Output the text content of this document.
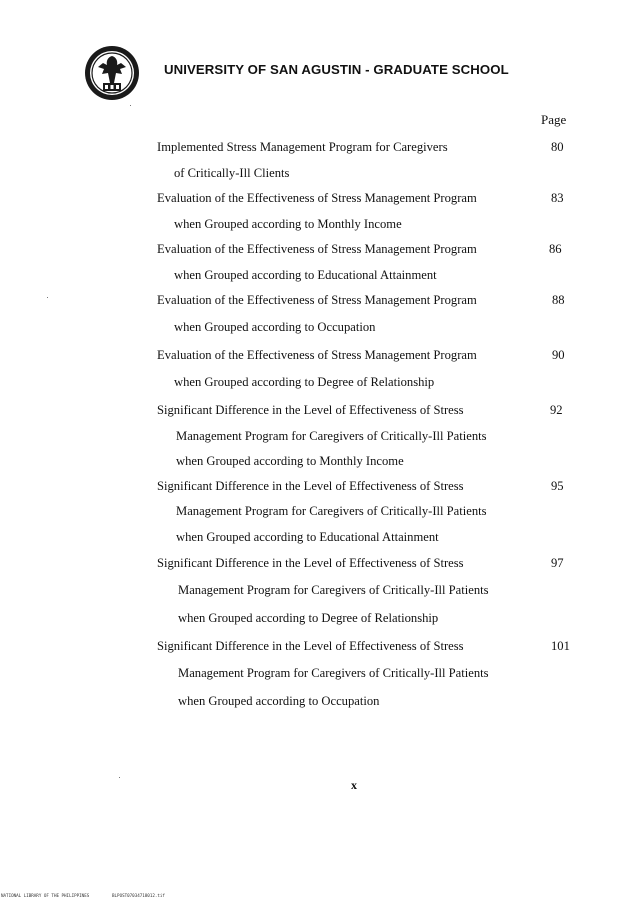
UNIVERSITY OF SAN AGUSTIN - GRADUATE SCHOOL
Page
Implemented Stress Management Program for Caregivers
of Critically-Ill Clients
80
Evaluation of the Effectiveness of Stress Management Program
when Grouped according to Monthly Income
83
Evaluation of the Effectiveness of Stress Management Program
when Grouped according to Educational Attainment
86
Evaluation of the Effectiveness of Stress Management Program
when Grouped according to Occupation
88
Evaluation of the Effectiveness of Stress Management Program
when Grouped according to Degree of Relationship
90
Significant Difference in the Level of Effectiveness of Stress
Management Program for Caregivers of Critically-Ill Patients
when Grouped according to Monthly Income
92
Significant Difference in the Level of Effectiveness of Stress
Management Program for Caregivers of Critically-Ill Patients
when Grouped according to Educational Attainment
95
Significant Difference in the Level of Effectiveness of Stress
Management Program for Caregivers of Critically-Ill Patients
when Grouped according to Degree of Relationship
97
Significant Difference in the Level of Effectiveness of Stress
Management Program for Caregivers of Critically-Ill Patients
when Grouped according to Occupation
101
x
NATIONAL LIBRARY OF THE PHILIPPINES	BLPOST07034718012.tif
